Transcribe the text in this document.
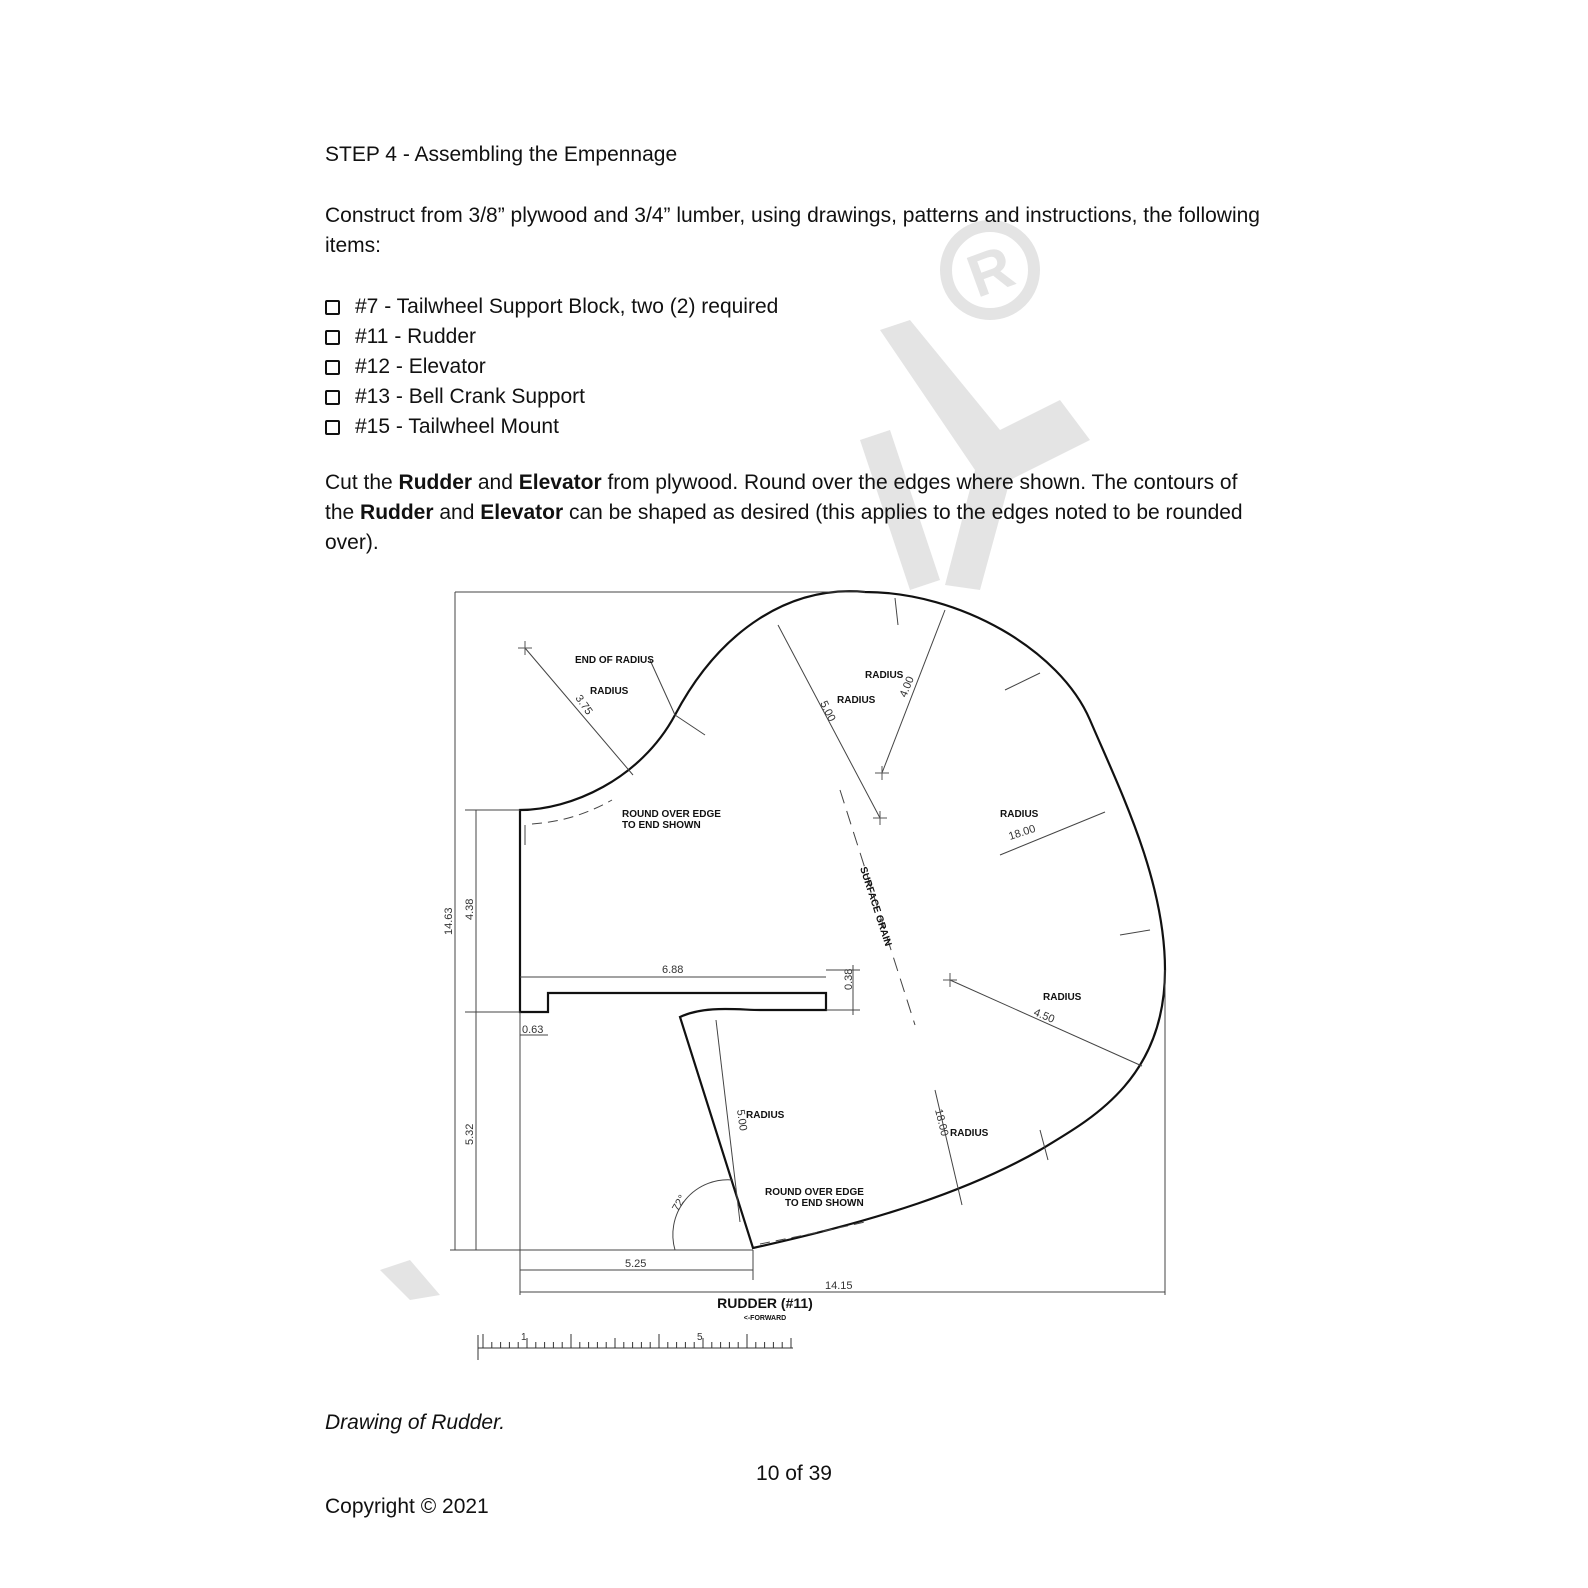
R
END OF RADIUS
RADIUS
RADIUS
RADIUS
RADIUS
RADIUS
RADIUS
RADIUS
ROUND OVER EDGE
TO END SHOWN
ROUND OVER EDGE
TO END SHOWN
SURFACE GRAIN
14.63 4.38
5.32
6.88	0.38
0.63
5.25
14.15
72°
3.75	5.00
4.00
18.00
4.50
18.00
5.00
RUDDER (#11)
<-FORWARD
1	5
STEP 4 - Assembling the Empennage
Construct from 3/8” plywood and 3/4” lumber, using drawings, patterns and instructions, the following items:
#7 - Tailwheel Support Block, two (2) required
#11 - Rudder
#12 - Elevator
#13 - Bell Crank Support
#15 - Tailwheel Mount
Cut the Rudder and Elevator from plywood. Round over the edges where shown. The contours of the Rudder and Elevator can be shaped as desired (this applies to the edges noted to be rounded over).
Drawing of Rudder.
10 of 39
Copyright © 2021
